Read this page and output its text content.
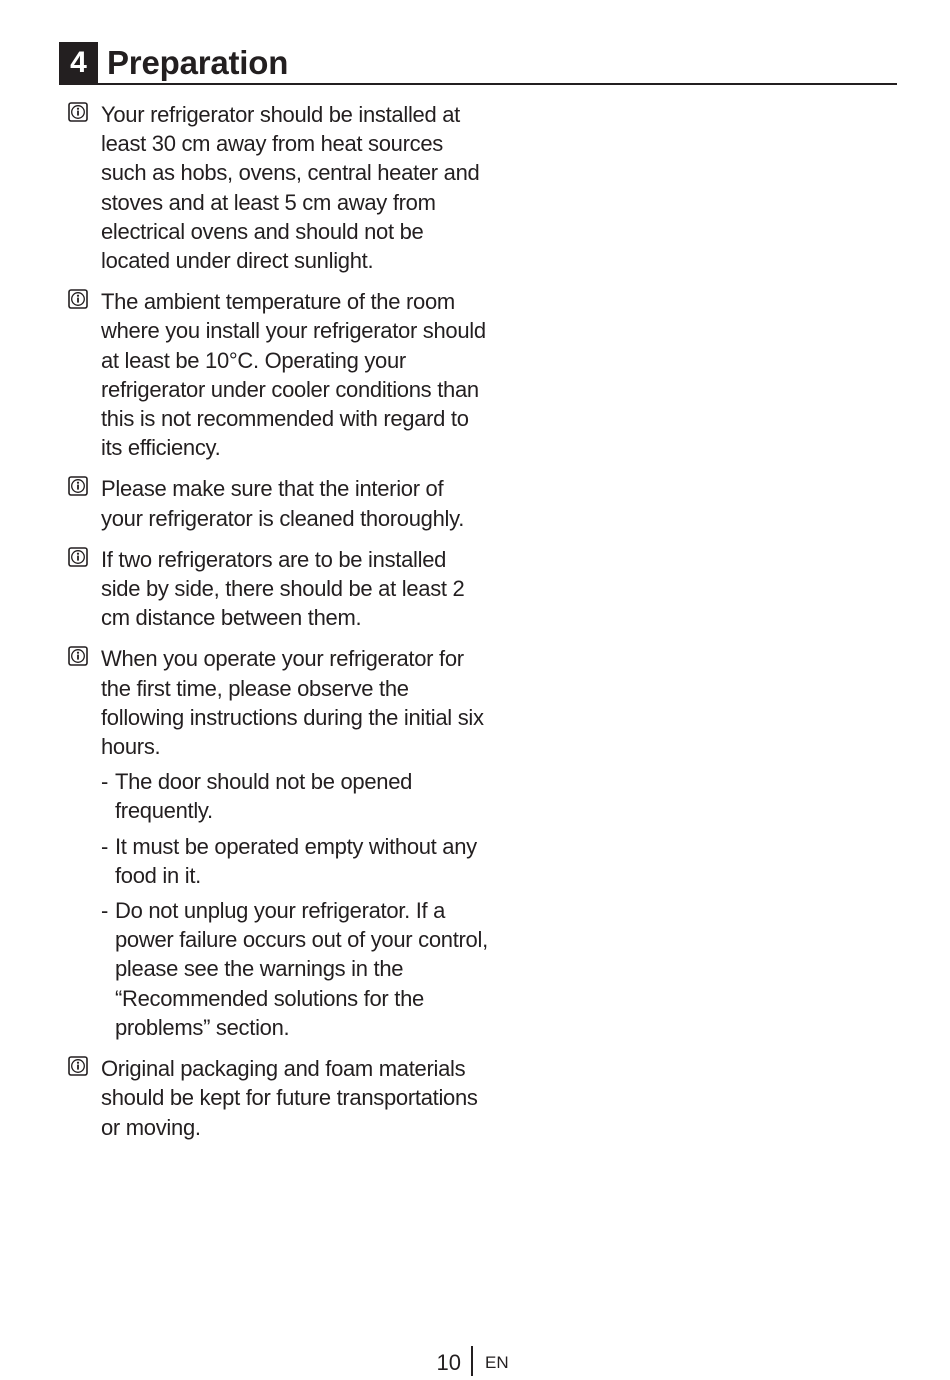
4 Preparation
Your refrigerator should be installed at least 30 cm away from heat sources such as hobs, ovens, central heater and stoves and at least 5 cm away from electrical ovens and should not be located under direct sunlight.
The ambient temperature of the room where you install your refrigerator should at least be 10°C. Operating your refrigerator under cooler conditions than this is not recommended with regard to its efficiency.
Please make sure that the interior of your refrigerator is cleaned thoroughly.
If two refrigerators are to be installed side by side, there should be at least 2 cm distance between them.
When you operate your refrigerator for the first time, please observe the following instructions during the initial six hours.
- The door should not be opened frequently.
- It must be operated empty without any food in it.
- Do not unplug your refrigerator. If a power failure occurs out of your control, please see the warnings in the “Recommended solutions for the problems” section.
Original packaging and foam materials should be kept for future transportations or moving.
10 EN
